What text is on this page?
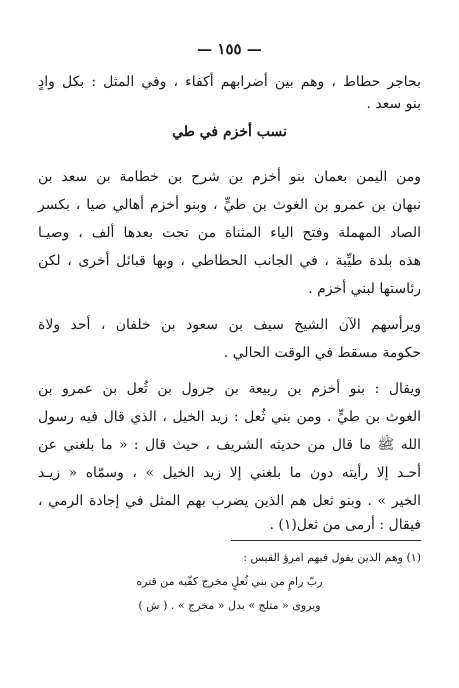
— ١٥٥ —
بحاجر حطاط ، وهم بين أضرابهم أكفاء ، وفي المثل : بكل وادٍ
بنو سعد .
نسب أخزم في طي
ومن اليمن بعمان بنو أخزم بن شرح بن خطامة بن سعد بن
نبهان بن عمرو بن الغوث بن طيٍّ ، وبنو أخزم أهالي صيا ، بكسر
الصاد المهملة وفتح الياء المثناة من تحت بعدها ألف ، وصيـا
هذه بلدة طيِّبة ، في الجانب الحطاطي ، وبها قبائل أخرى ، لكن
رئاستها لبني أخزم .
ويرأسهم الآن الشيخ سيف بن سعود بن خلفان ، أحد ولاة
حكومة مسقط في الوقت الحالي .
ويقال : بنو أخزم بن ربيعة بن جرول بن ثُعل بن عمرو بن
الغوث بن طيٍّ . ومن بني ثُعل : زيد الخيل ، الذي قال فيه رسول
الله ﷺ ما قال من حديثه الشريف ، حيث قال : « ما بلغني عن
أحـد إلا رأيته دون ما بلغني إلا زيد الخيل » ، وسمّاه « زيـد
الخير » . وبنو ثعل هم الذين يضرب بهم المثل في إجادة الرمي ،
فيقال : أرمى من ثعل(١) .
(١) وهم الذين يقول فيهم امرؤ القيس :
ربّ رامٍ من بني ثُعلٍ مخرج كفّيه من قتره
ويروى « متلج » بدل « مخرج » . ( ش )
